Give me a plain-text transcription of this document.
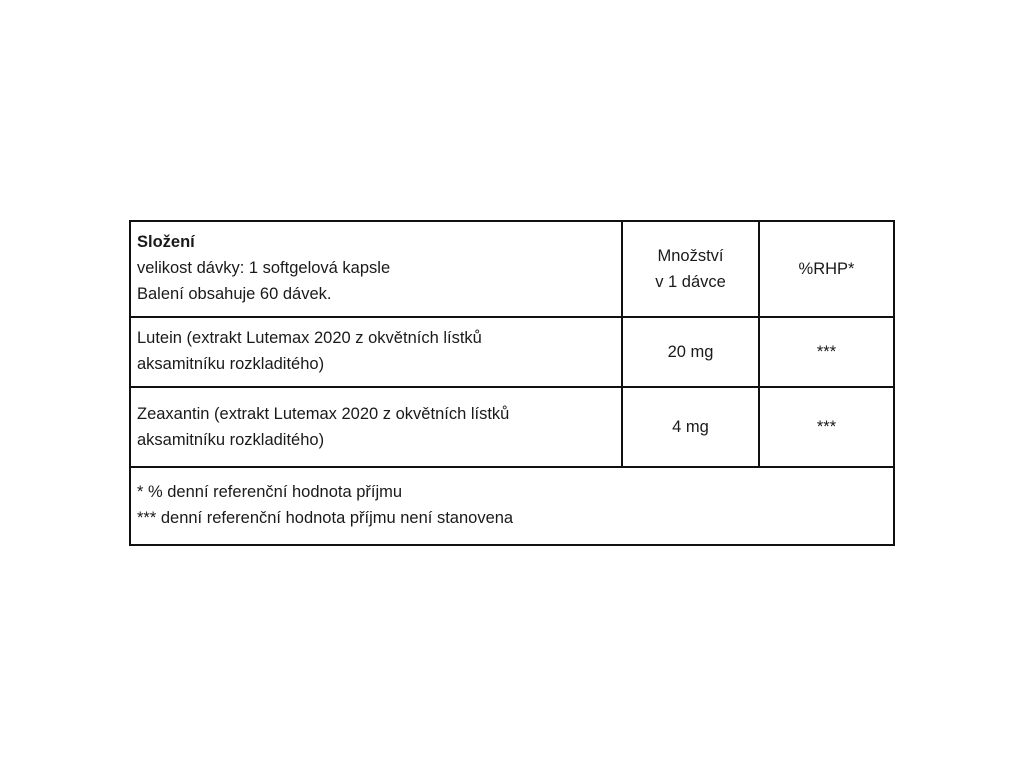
Složení
velikost dávky: 1 softgelová kapsle
Balení obsahuje 60 dávek.
Množství
v 1 dávce
%RHP*
Lutein (extrakt Lutemax 2020 z okvětních lístků
aksamitníku rozkladitého)
20 mg	***
Zeaxantin (extrakt Lutemax 2020 z okvětních lístků
aksamitníku rozkladitého)
4 mg	***
* % denní referenční hodnota příjmu
*** denní referenční hodnota příjmu není stanovena
